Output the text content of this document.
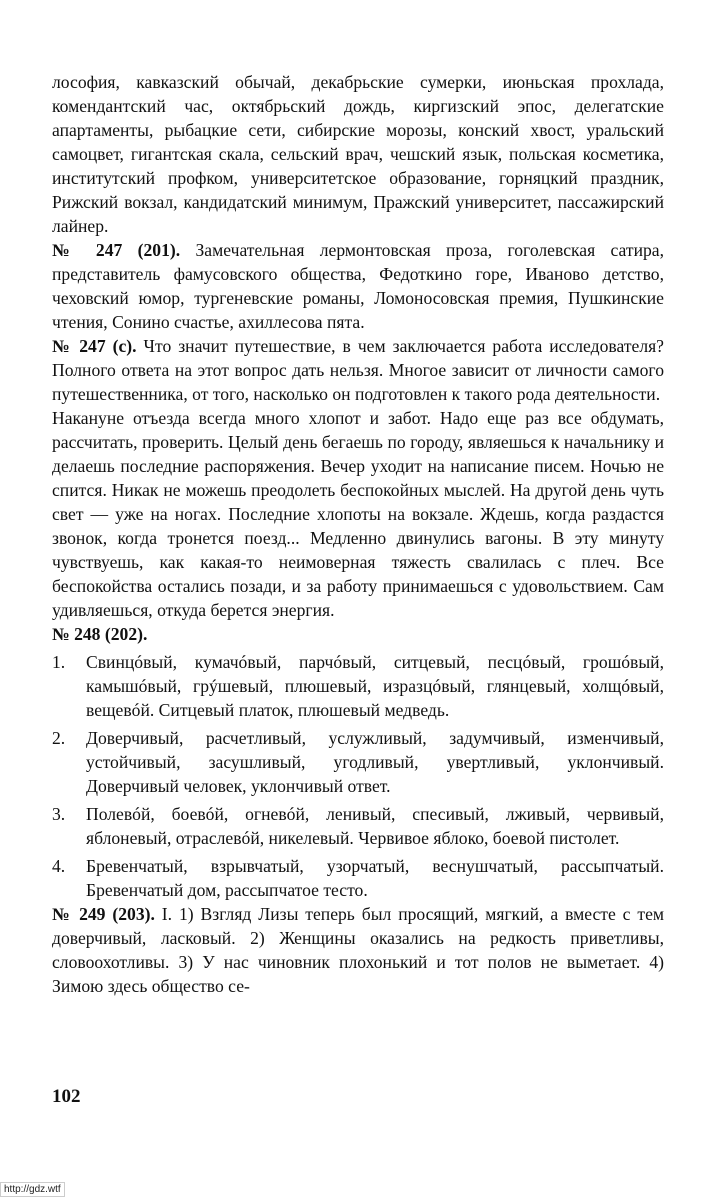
лософия, кавказский обычай, декабрьские сумерки, июньская прохлада, комендантский час, октябрьский дождь, киргизский эпос, делегатские апартаменты, рыбацкие сети, сибирские морозы, конский хвост, уральский самоцвет, гигантская скала, сельский врач, чешский язык, польская косметика, институтский профком, университетское образование, горняцкий праздник, Рижский вокзал, кандидатский минимум, Пражский университет, пассажирский лайнер.

№ 247 (201). Замечательная лермонтовская проза, гоголевская сатира, представитель фамусовского общества, Федоткино горе, Иваново детство, чеховский юмор, тургеневские романы, Ломоносовская премия, Пушкинские чтения, Сонино счастье, ахиллесова пята.

№ 247 (с). Что значит путешествие, в чем заключается работа исследователя? Полного ответа на этот вопрос дать нельзя. Многое зависит от личности самого путешественника, от того, насколько он подготовлен к такого рода деятельности.

Накануне отъезда всегда много хлопот и забот. Надо еще раз все обдумать, рассчитать, проверить. Целый день бегаешь по городу, являешься к начальнику и делаешь последние распоряжения. Вечер уходит на написание писем. Ночью не спится. Никак не можешь преодолеть беспокойных мыслей. На другой день чуть свет — уже на ногах. Последние хлопоты на вокзале. Ждешь, когда раздастся звонок, когда тронется поезд... Медленно двинулись вагоны. В эту минуту чувствуешь, как какая-то неимоверная тяжесть свалилась с плеч. Все беспокойства остались позади, и за работу принимаешься с удовольствием. Сам удивляешься, откуда берется энергия.

№ 248 (202).

1.	Свинцóвый, кумачóвый, парчóвый, ситцевый, песцóвый, грошóвый, камышóвый, грýшевый, плюшевый, изразцóвый, глянцевый, холщóвый, вещевóй. Ситцевый платок, плюшевый медведь.
2.	Доверчивый, расчетливый, услужливый, задумчивый, изменчивый, устойчивый, засушливый, угодливый, увертливый, уклончивый. Доверчивый человек, уклончивый ответ.
3.	Полевóй, боевóй, огневóй, ленивый, спесивый, лживый, червивый, яблоневый, отраслевóй, никелевый. Червивое яблоко, боевой пистолет.
4.	Бревенчатый, взрывчатый, узорчатый, веснушчатый, рассыпчатый. Бревенчатый дом, рассыпчатое тесто.

№ 249 (203). I. 1) Взгляд Лизы теперь был просящий, мягкий, а вместе с тем доверчивый, ласковый. 2) Женщины оказались на редкость приветливы, словоохотливы. 3) У нас чиновник плохонький и тот полов не выметает. 4) Зимою здесь общество се-

102
http://gdz.wtf
